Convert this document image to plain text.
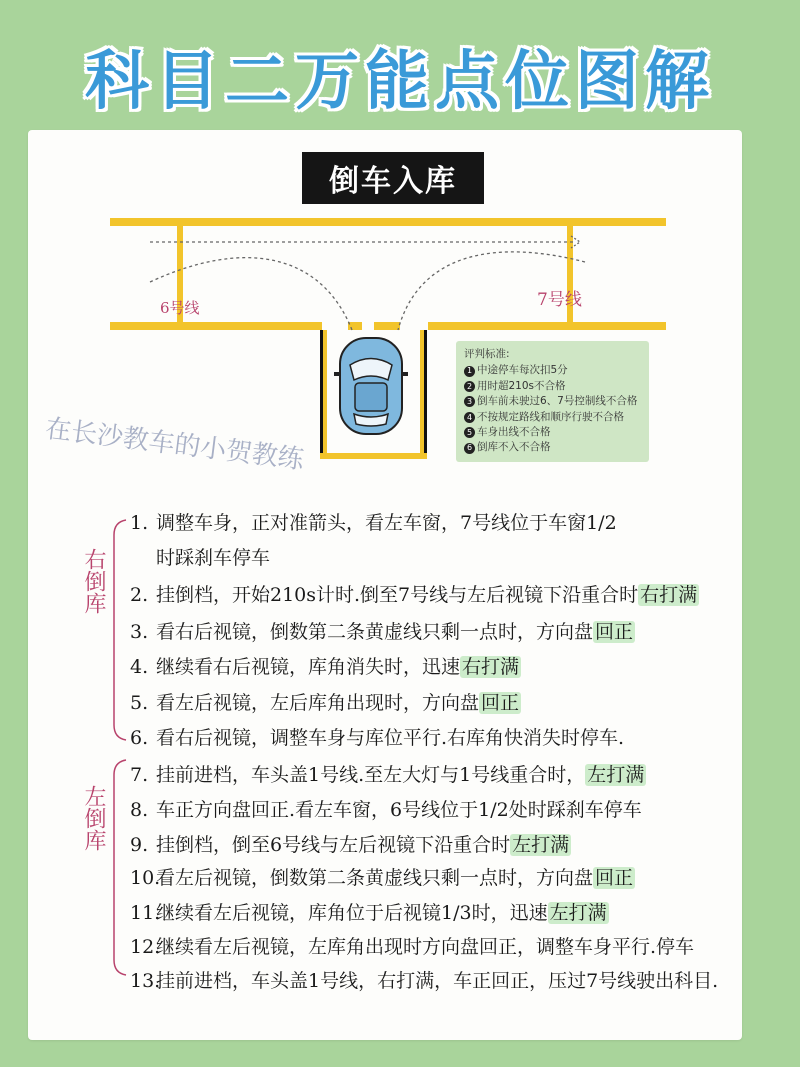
科目二万能点位图解
倒车入库
6号线	7号线
评判标准:
1 中途停车每次扣5分
2 用时超210s不合格
3 倒车前未驶过6、7号控制线不合格
4 不按规定路线和顺序行驶不合格
5 车身出线不合格
6 倒库不入不合格
在长沙教车的小贺教练
右倒库
左倒库
1. 调整车身，正对准箭头，看左车窗，7号线位于车窗1/2
时踩刹车停车
2. 挂倒档，开始210s计时.倒至7号线与左后视镜下沿重合时 右打满
3. 看右后视镜，倒数第二条黄虚线只剩一点时，方向盘 回正
4. 继续看右后视镜，库角消失时，迅速 右打满
5. 看左后视镜，左后库角出现时，方向盘 回正
6. 看右后视镜，调整车身与库位平行.右库角快消失时停车.
7. 挂前进档，车头盖1号线.至左大灯与1号线重合时， 左打满
8. 车正方向盘回正.看左车窗，6号线位于1/2处时踩刹车停车
9. 挂倒档，倒至6号线与左后视镜下沿重合时 左打满
10.看左后视镜，倒数第二条黄虚线只剩一点时，方向盘 回正
11.继续看左后视镜，库角位于后视镜1/3时，迅速 左打满
12.继续看左后视镜，左库角出现时方向盘回正，调整车身平行.停车
13.挂前进档，车头盖1号线，右打满，车正回正，压过7号线驶出科目.
